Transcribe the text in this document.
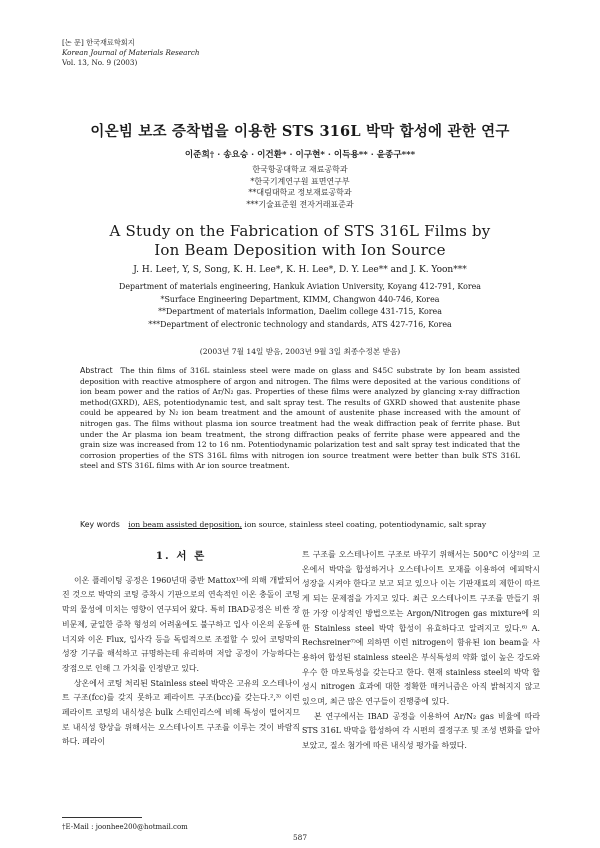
[논 문] 한국재료학회지
Korean Journal of Materials Research
Vol. 13, No. 9 (2003)
이온빔 보조 증착법을 이용한 STS 316L 박막 합성에 관한 연구
이준희† · 송요승 · 이건환* · 이구현* · 이득용** · 윤종구***
한국항공대학교 재료공학과
*한국기계연구원 표면연구부
**대림대학교 정보재료공학과
***기술표준원 전자거래표준과
A Study on the Fabrication of STS 316L Films by
Ion Beam Deposition with Ion Source
J. H. Lee†, Y, S, Song, K. H. Lee*, K. H. Lee*, D. Y. Lee** and J. K. Yoon***
Department of materials engineering, Hankuk Aviation University, Koyang 412-791, Korea
*Surface Engineering Department, KIMM, Changwon 440-746, Korea
**Department of materials information, Daelim college 431-715, Korea
***Department of electronic technology and standards, ATS 427-716, Korea
(2003년 7월 14일 받음, 2003년 9월 3일 최종수정본 받음)
Abstract The thin films of 316L stainless steel were made on glass and S45C substrate by Ion beam assisted deposition with reactive atmosphere of argon and nitrogen. The films were deposited at the various conditions of ion beam power and the ratios of Ar/N₂ gas. Properties of these films were analyzed by glancing x-ray diffraction method(GXRD), AES, potentiodynamic test, and salt spray test. The results of GXRD showed that austenite phase could be appeared by N₂ ion beam treatment and the amount of austenite phase increased with the amount of nitrogen gas. The films without plasma ion source treatment had the weak diffraction peak of ferrite phase. But under the Ar plasma ion beam treatment, the strong diffraction peaks of ferrite phase were appeared and the grain size was increased from 12 to 16 nm. Potentiodynamic polarization test and salt spray test indicated that the corrosion properties of the STS 316L films with nitrogen ion source treatment were better than bulk STS 316L steel and STS 316L films with Ar ion source treatment.
Key words ion beam assisted deposition, ion source, stainless steel coating, potentiodynamic, salt spray
1. 서 론

이온 플레이팅 공정은 1960년대 중반 Mattox¹⁾에 의해 개발되어진 것으로 박막의 코팅 증착시 기판으로의 연속적인 이온 충돌이 코팅막의 물성에 미치는 영향이 연구되어 왔다. 특히 IBAD공정은 비싼 장비문제, 균일한 증착 형성의 어려움에도 불구하고 입사 이온의 운동에너지와 이온 Flux, 입사각 등을 독립적으로 조절할 수 있어 코팅막의 성장 기구를 해석하고 규명하는데 유리하며 저압 공정이 가능하다는 장점으로 인해 그 가치를 인정받고 있다.

상온에서 코팅 처리된 Stainless steel 박막은 고유의 오스테나이트 구조(fcc)를 갖지 못하고 페라이트 구조(bcc)를 갖는다.²,³⁾ 이런 페라이트 코팅의 내식성은 bulk 스테인리스에 비해 특성이 떨어지므로 내식성 향상을 위해서는 오스테나이트 구조를 이루는 것이 바람직하다. 페라이

트 구조를 오스테나이트 구조로 바꾸기 위해서는 500°C 이상²⁾의 고온에서 박막을 합성하거나 오스테나이트 모재를 이용하여 에피탁시 성장을 시켜야 한다고 보고 되고 있으나 이는 기판재료의 제한이 따르게 되는 문제점을 가지고 있다. 최근 오스테나이트 구조를 만들기 위한 가장 이상적인 방법으로는 Argon/Nitrogen gas mixture에 의한 Stainless steel 박막 합성이 유효하다고 알려지고 있다.⁶⁾ A. Rechsreiner⁷⁾에 의하면 이런 nitrogen이 함유된 ion beam을 사용하여 합성된 stainless steel은 부식특성의 약화 없이 높은 강도와 우수 한 마모특성을 갖는다고 한다. 현재 stainless steel의 박막 합성시 nitrogen 효과에 대한 정확한 매커니즘은 아직 밝혀지지 않고 있으며, 최근 많은 연구들이 진행중에 있다.

본 연구에서는 IBAD 공정을 이용하여 Ar/N₂ gas 비율에 따라STS 316L 박막을 합성하여 각 시편의 결정구조 및 조성 변화를 알아보았고, 질소 첨가에 따른 내식성 평가를 하였다.

†E-Mail : joonhee200@hotmail.com
587
